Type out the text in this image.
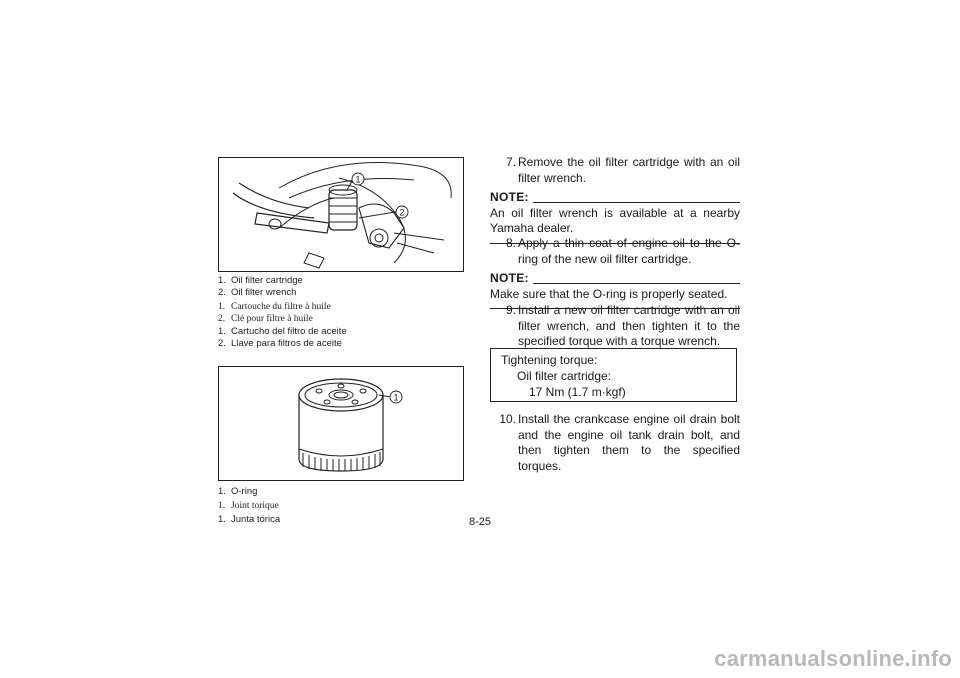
1
2
1. Oil filter cartridge
2. Oil filter wrench
1. Cartouche du filtre à huile
2. Clé pour filtre à huile
1. Cartucho del filtro de aceite
2. Llave para filtros de aceite
1
1. O-ring
1. Joint torique
1. Junta tórica
7. Remove the oil filter cartridge with an oil filter wrench.
NOTE:
An oil filter wrench is available at a nearby Yamaha dealer.
8. Apply a thin coat of engine oil to the O-ring of the new oil filter cartridge.
NOTE:
Make sure that the O-ring is properly seated.
9. Install a new oil filter cartridge with an oil filter wrench, and then tighten it to the specified torque with a torque wrench.
Tightening torque:
Oil filter cartridge:
17 Nm (1.7 m·kgf)
10. Install the crankcase engine oil drain bolt and the engine oil tank drain bolt, and then tighten them to the specified torques.
8-25
carmanualsonline.info
